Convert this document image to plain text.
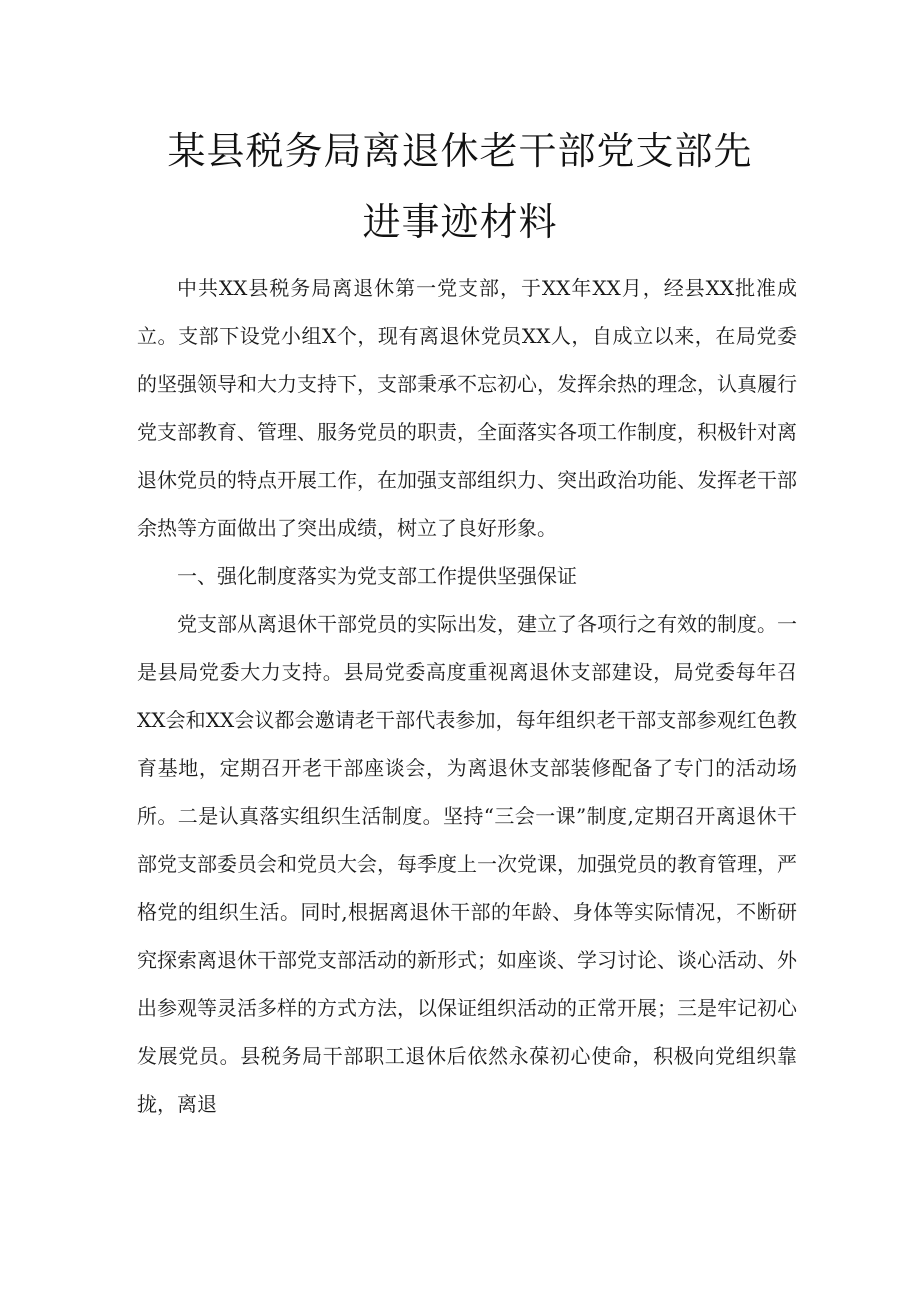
某县税务局离退休老干部党支部先
进事迹材料

中共XX县税务局离退休第一党支部，于XX年XX月，经县XX批准成立。支部下设党小组X个，现有离退休党员XX人，自成立以来，在局党委的坚强领导和大力支持下，支部秉承不忘初心，发挥余热的理念，认真履行党支部教育、管理、服务党员的职责，全面落实各项工作制度，积极针对离退休党员的特点开展工作，在加强支部组织力、突出政治功能、发挥老干部余热等方面做出了突出成绩，树立了良好形象。

一、强化制度落实为党支部工作提供坚强保证

党支部从离退休干部党员的实际出发，建立了各项行之有效的制度。一是县局党委大力支持。县局党委高度重视离退休支部建设，局党委每年召XX会和XX会议都会邀请老干部代表参加，每年组织老干部支部参观红色教育基地，定期召开老干部座谈会，为离退休支部装修配备了专门的活动场所。二是认真落实组织生活制度。坚持“三会一课”制度,定期召开离退休干部党支部委员会和党员大会，每季度上一次党课，加强党员的教育管理，严格党的组织生活。同时,根据离退休干部的年龄、身体等实际情况，不断研究探索离退休干部党支部活动的新形式；如座谈、学习讨论、谈心活动、外出参观等灵活多样的方式方法，以保证组织活动的正常开展；三是牢记初心发展党员。县税务局干部职工退休后依然永葆初心使命，积极向党组织靠拢，离退
